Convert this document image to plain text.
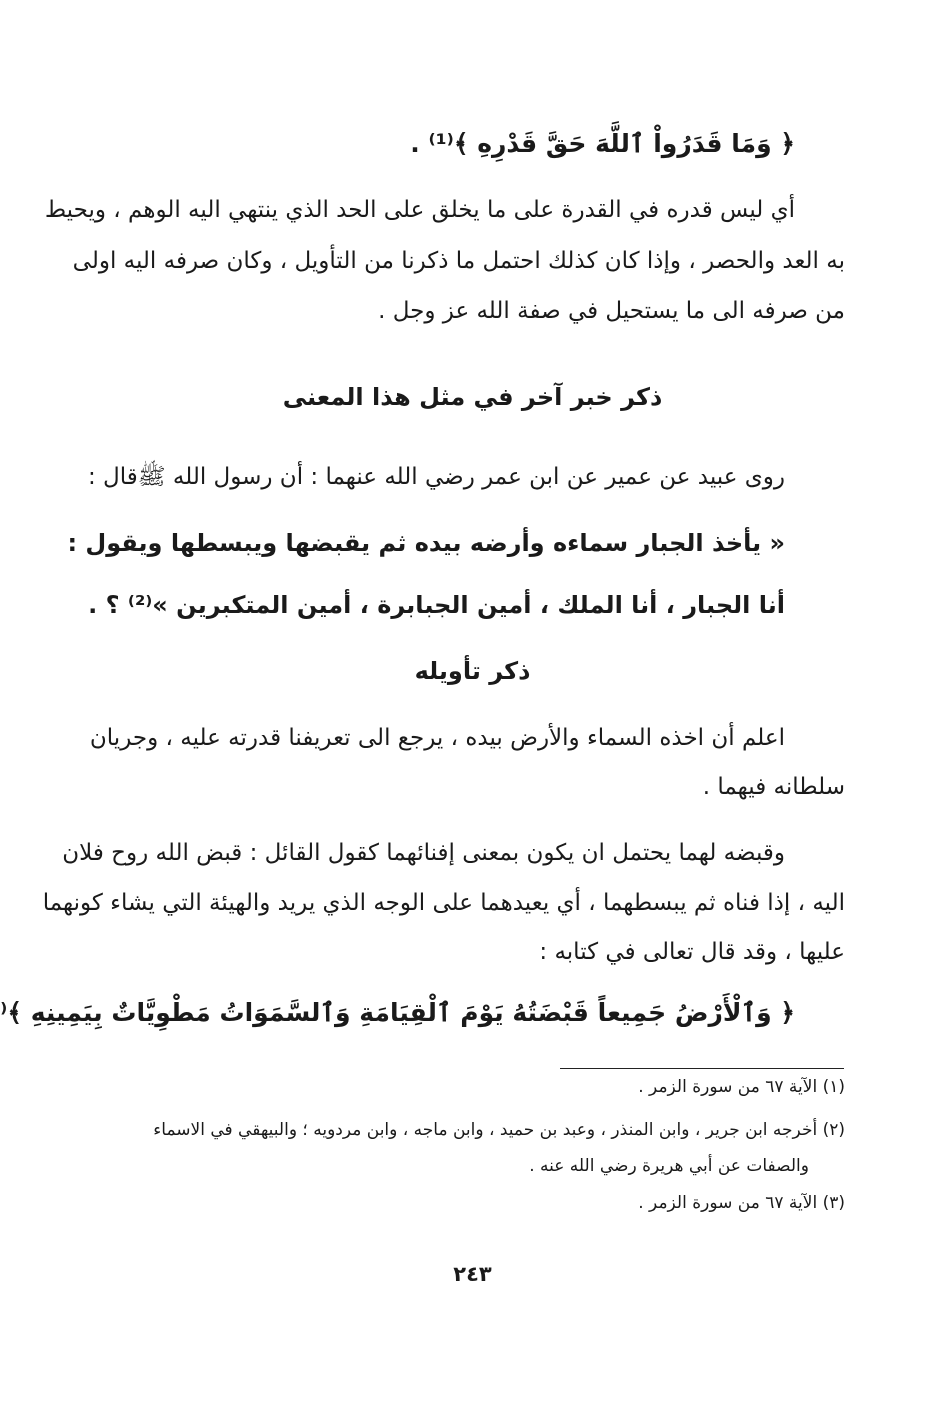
﴿ وَمَا قَدَرُواْ ٱللَّهَ حَقَّ قَدْرِهِ ﴾⁽¹⁾ .
أي ليس قدره في القدرة على ما يخلق على الحد الذي ينتهي اليه الوهم ، ويحيط
به العد والحصر ، وإذا كان كذلك احتمل ما ذكرنا من التأويل ، وكان صرفه اليه اولى
من صرفه الى ما يستحيل في صفة الله عز وجل .
ذكر خبر آخر في مثل هذا المعنى
روى عبيد عن عمير عن ابن عمر رضي الله عنهما : أن رسول الله ﷺقال :
« يأخذ الجبار سماءه وأرضه بيده ثم يقبضها ويبسطها ويقول :
أنا الجبار ، أنا الملك ، أمين الجبابرة ، أمين المتكبرين »⁽²⁾ ؟ .
ذكر تأويله
اعلم أن اخذه السماء والأرض بيده ، يرجع الى تعريفنا قدرته عليه ، وجريان
سلطانه فيهما .
وقبضه لهما يحتمل ان يكون بمعنى إفنائهما كقول القائل : قبض الله روح فلان
اليه ، إذا فناه ثم يبسطهما ، أي يعيدهما على الوجه الذي يريد والهيئة التي يشاء كونهما
عليها ، وقد قال تعالى في كتابه :
﴿ وَٱلْأَرْضُ جَمِيعاً قَبْضَتُهُ يَوْمَ ٱلْقِيَامَةِ وَٱلسَّمَوَاتُ مَطْوِيَّاتٌ بِيَمِينِهِ ﴾⁽
(١) الآية ٦٧ من سورة الزمر .
(٢) أخرجه ابن جرير ، وابن المنذر ، وعبد بن حميد ، وابن ماجه ، وابن مردويه ؛ والبيهقي في الاسماء
والصفات عن أبي هريرة رضي الله عنه .
(٣) الآية ٦٧ من سورة الزمر .
٢٤٣
